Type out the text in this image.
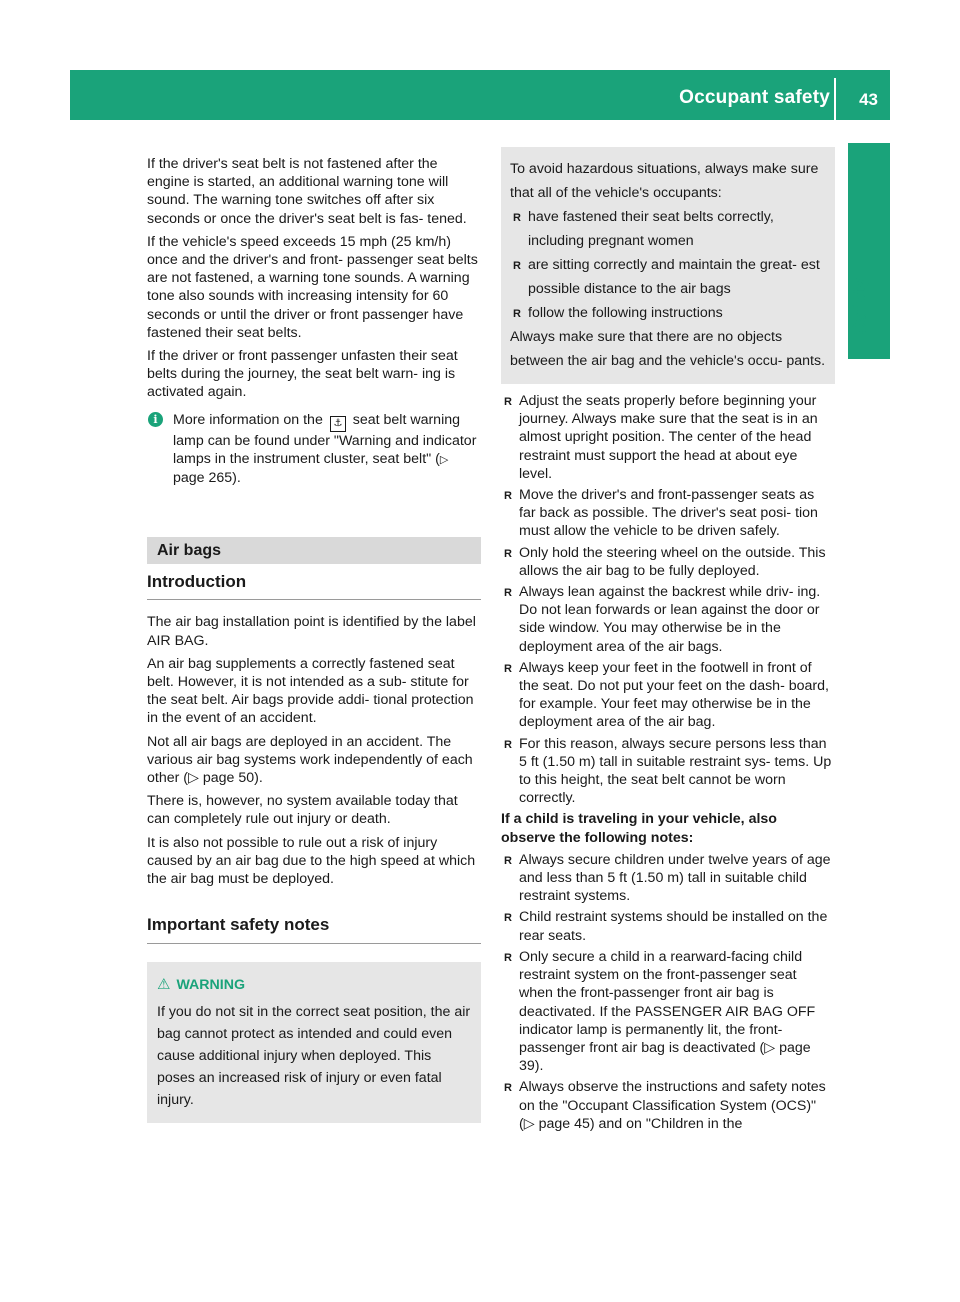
Occupant safety 43
Safety

If the driver's seat belt is not fastened after the engine is started, an additional warning tone will sound. The warning tone switches off after six seconds or once the driver's seat belt is fas- tened.

If the vehicle's speed exceeds 15 mph (25 km/h) once and the driver's and front- passenger seat belts are not fastened, a warning tone sounds. A warning tone also sounds with increasing intensity for 60 seconds or until the driver or front passenger have fastened their seat belts.

If the driver or front passenger unfasten their seat belts during the journey, the seat belt warn- ing is activated again.

i	More information on the ⚓ seat belt warning lamp can be found under "Warning and indicator lamps in the instrument cluster, seat belt" (▷ page 265).
Air bags
Introduction

The air bag installation point is identified by the label AIR BAG.

An air bag supplements a correctly fastened seat belt. However, it is not intended as a sub- stitute for the seat belt. Air bags provide addi- tional protection in the event of an accident.

Not all air bags are deployed in an accident. The various air bag systems work independently of each other (▷ page 50).

There is, however, no system available today that can completely rule out injury or death.

It is also not possible to rule out a risk of injury caused by an air bag due to the high speed at which the air bag must be deployed.

Important safety notes
⚠ WARNING
If you do not sit in the correct seat position, the air bag cannot protect as intended and could even cause additional injury when deployed. This poses an increased risk of injury or even fatal injury.
To avoid hazardous situations, always make sure that all of the vehicle's occupants:
R have fastened their seat belts correctly, including pregnant women
R are sitting correctly and maintain the great- est possible distance to the air bags
R follow the following instructions
Always make sure that there are no objects between the air bag and the vehicle's occu- pants.
R Adjust the seats properly before beginning your journey. Always make sure that the seat is in an almost upright position. The center of the head restraint must support the head at about eye level.
R Move the driver's and front-passenger seats as far back as possible. The driver's seat posi- tion must allow the vehicle to be driven safely.
R Only hold the steering wheel on the outside. This allows the air bag to be fully deployed.
R Always lean against the backrest while driv- ing. Do not lean forwards or lean against the door or side window. You may otherwise be in the deployment area of the air bags.
R Always keep your feet in the footwell in front of the seat. Do not put your feet on the dash- board, for example. Your feet may otherwise be in the deployment area of the air bag.
R For this reason, always secure persons less than 5 ft (1.50 m) tall in suitable restraint sys- tems. Up to this height, the seat belt cannot be worn correctly.
If a child is traveling in your vehicle, also observe the following notes:
R Always secure children under twelve years of age and less than 5 ft (1.50 m) tall in suitable child restraint systems.
R Child restraint systems should be installed on the rear seats.
R Only secure a child in a rearward-facing child restraint system on the front-passenger seat when the front-passenger front air bag is deactivated. If the PASSENGER AIR BAG OFF indicator lamp is permanently lit, the front- passenger front air bag is deactivated (▷ page 39).
R Always observe the instructions and safety notes on the "Occupant Classification System (OCS)" (▷ page 45) and on "Children in the
